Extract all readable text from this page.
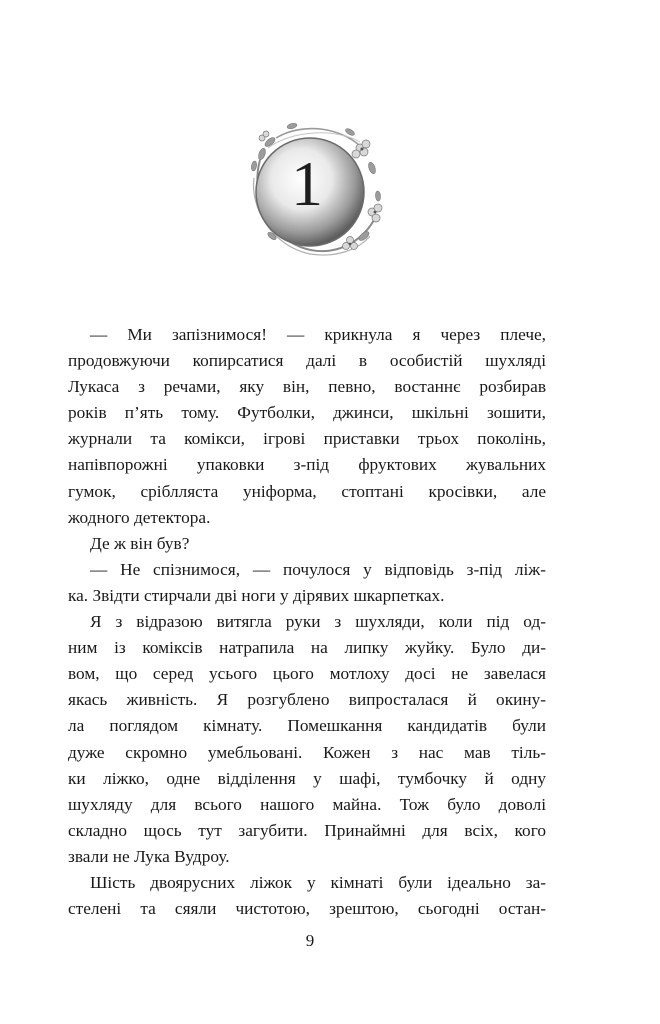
1
— Ми запізнимося! — крикнула я через плече,
продовжуючи копирсатися далі в особистій шухляді
Лукаса з речами, яку він, певно, востаннє розбирав
років п’ять тому. Футболки, джинси, шкільні зошити,
журнали та комікси, ігрові приставки трьох поколінь,
напівпорожні упаковки з-під фруктових жувальних
гумок, сріблляста уніформа, стоптані кросівки, але
жодного детектора.
Де ж він був?
— Не спізнимося, — почулося у відповідь з-під ліж-
ка. Звідти стирчали дві ноги у дірявих шкарпетках.
Я з відразою витягла руки з шухляди, коли під од-
ним із коміксів натрапила на липку жуйку. Було ди-
вом, що серед усього цього мотлоху досі не завелася
якась живність. Я розгублено випросталася й окину-
ла поглядом кімнату. Помешкання кандидатів були
дуже скромно умебльовані. Кожен з нас мав тіль-
ки ліжко, одне відділення у шафі, тумбочку й одну
шухляду для всього нашого майна. Тож було доволі
складно щось тут загубити. Принаймні для всіх, кого
звали не Лука Вудроу.
Шість двоярусних ліжок у кімнаті були ідеально за-
стелені та сяяли чистотою, зрештою, сьогодні остан-
9
